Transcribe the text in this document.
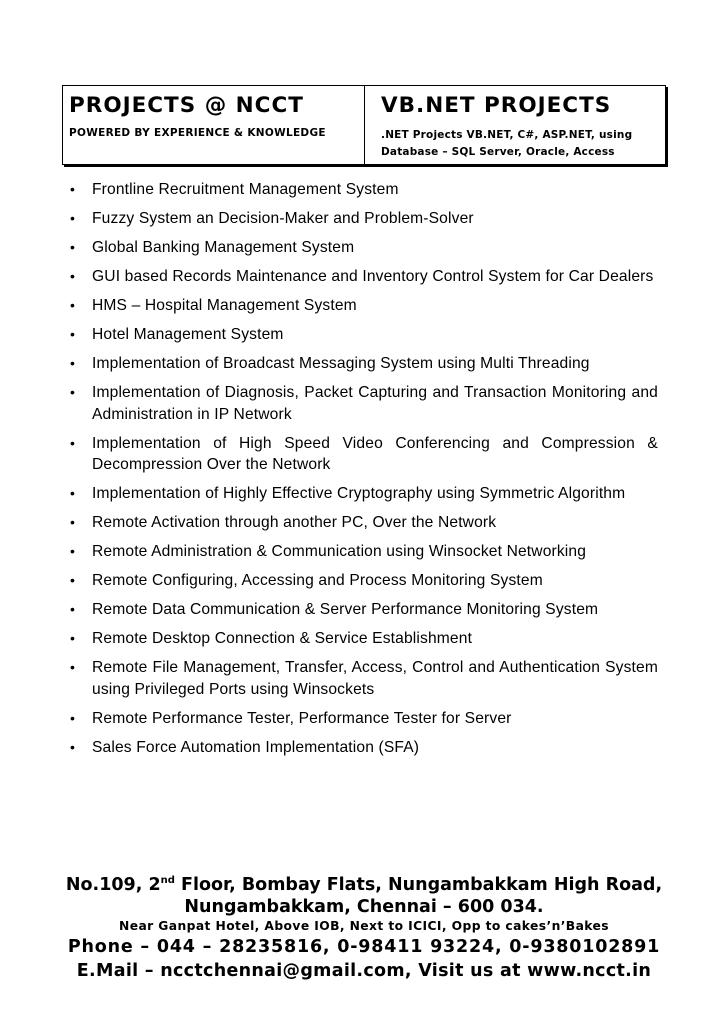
PROJECTS @ NCCT
POWERED BY EXPERIENCE & KNOWLEDGE
VB.NET PROJECTS
.NET Projects VB.NET, C#, ASP.NET, using
Database – SQL Server, Oracle, Access
• Frontline Recruitment Management System
• Fuzzy System an Decision-Maker and Problem-Solver
• Global Banking Management System
• GUI based Records Maintenance and Inventory Control System for Car Dealers
• HMS – Hospital Management System
• Hotel Management System
• Implementation of Broadcast Messaging System using Multi Threading
• Implementation of Diagnosis, Packet Capturing and Transaction Monitoring and Administration in IP Network
• Implementation of High Speed Video Conferencing and Compression & Decompression Over the Network
• Implementation of Highly Effective Cryptography using Symmetric Algorithm
• Remote Activation through another PC, Over the Network
• Remote Administration & Communication using Winsocket Networking
• Remote Configuring, Accessing and Process Monitoring System
• Remote Data Communication & Server Performance Monitoring System
• Remote Desktop Connection & Service Establishment
• Remote File Management, Transfer, Access, Control and Authentication System using Privileged Ports using Winsockets
• Remote Performance Tester, Performance Tester for Server
• Sales Force Automation Implementation (SFA)
No.109, 2nd Floor, Bombay Flats, Nungambakkam High Road,
Nungambakkam, Chennai – 600 034.
Near Ganpat Hotel, Above IOB, Next to ICICI, Opp to cakes’n’Bakes
Phone – 044 – 28235816, 0-98411 93224, 0-9380102891
E.Mail – ncctchennai@gmail.com, Visit us at www.ncct.in
